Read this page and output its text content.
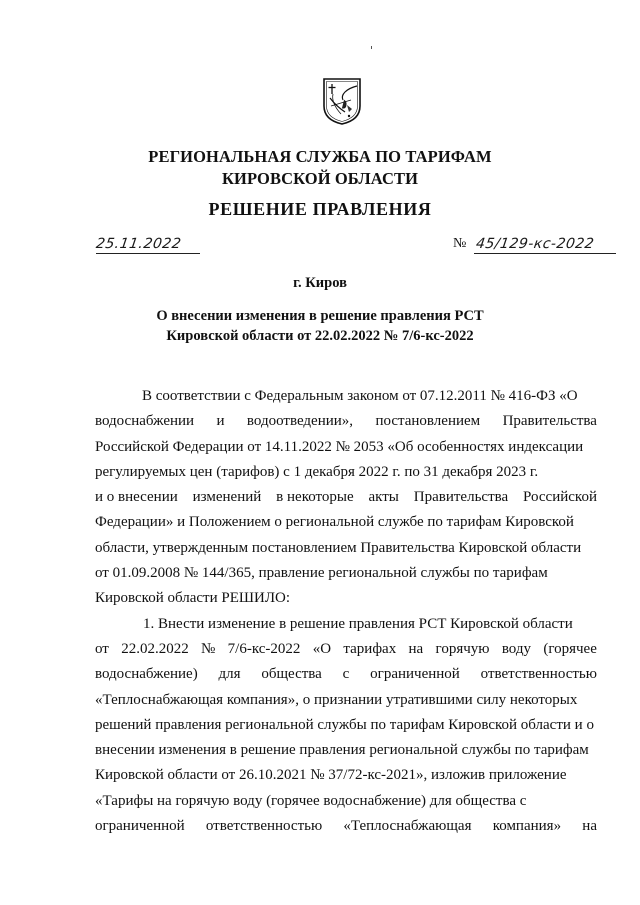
РЕГИОНАЛЬНАЯ СЛУЖБА ПО ТАРИФАМ
КИРОВСКОЙ ОБЛАСТИ
РЕШЕНИЕ ПРАВЛЕНИЯ
25.11.2022	№ 45/129-кс-2022
г. Киров
О внесении изменения в решение правления РСТ
Кировской области от 22.02.2022 № 7/6-кс-2022
В соответствии с Федеральным законом от 07.12.2011 № 416-ФЗ «О
водоснабжении и водоотведении», постановлением Правительства
Российской Федерации от 14.11.2022 № 2053 «Об особенностях индексации
регулируемых цен (тарифов) с 1 декабря 2022 г. по 31 декабря 2023 г.
и о внесении изменений в некоторые акты Правительства Российской
Федерации» и Положением о региональной службе по тарифам Кировской
области, утвержденным постановлением Правительства Кировской области
от 01.09.2008 № 144/365, правление региональной службы по тарифам
Кировской области РЕШИЛО:
1. Внести изменение в решение правления РСТ Кировской области
от 22.02.2022 № 7/6-кс-2022 «О тарифах на горячую воду (горячее
водоснабжение) для общества с ограниченной ответственностью
«Теплоснабжающая компания», о признании утратившими силу некоторых
решений правления региональной службы по тарифам Кировской области и о
внесении изменения в решение правления региональной службы по тарифам
Кировской области от 26.10.2021 № 37/72-кс-2021», изложив приложение
«Тарифы на горячую воду (горячее водоснабжение) для общества с
ограниченной ответственностью «Теплоснабжающая компания» на
